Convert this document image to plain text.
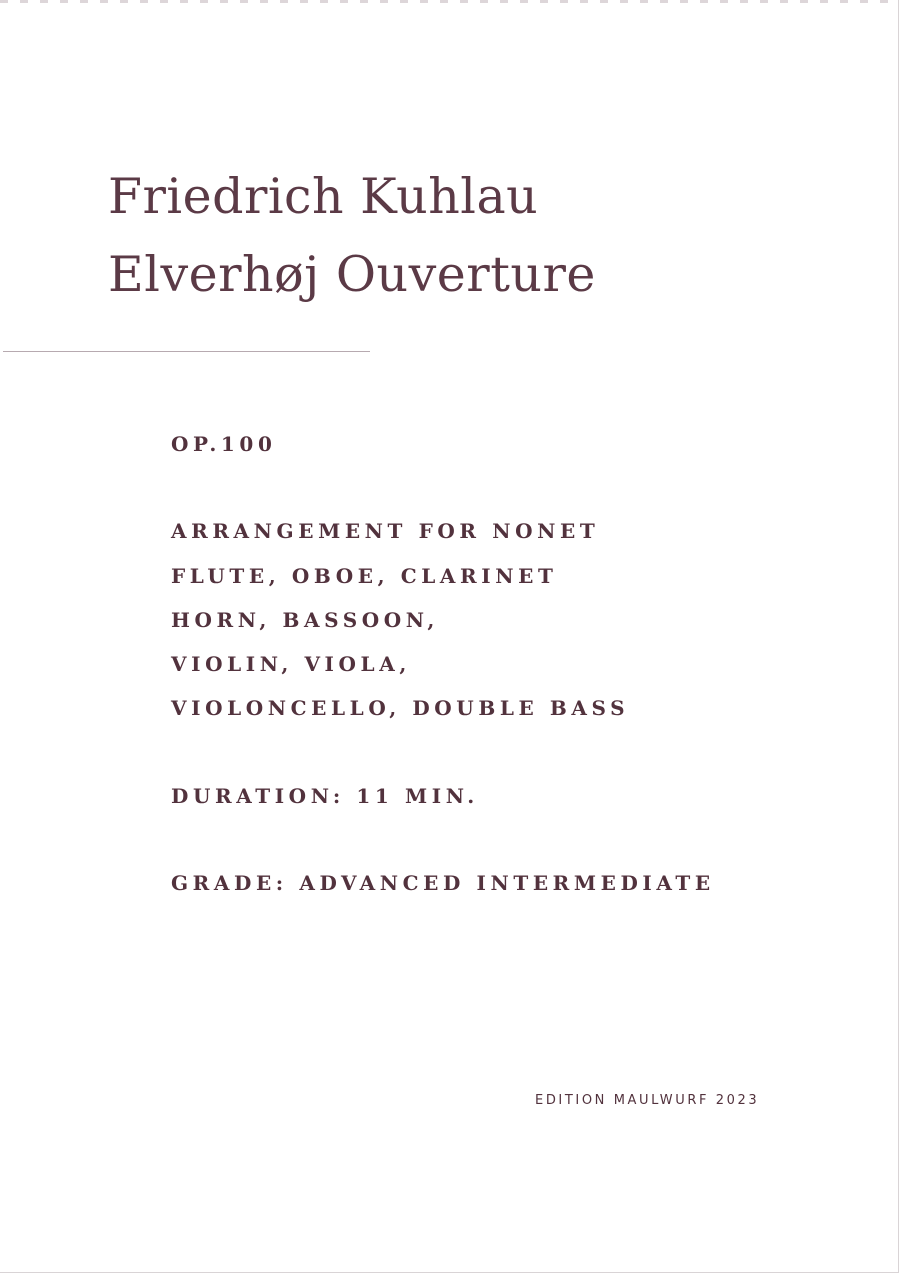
Friedrich Kuhlau
Elverhøj Ouverture
OP.100
ARRANGEMENT FOR NONET
FLUTE, OBOE, CLARINET
HORN, BASSOON,
VIOLIN, VIOLA,
VIOLONCELLO, DOUBLE BASS
DURATION: 11 MIN.
GRADE: ADVANCED INTERMEDIATE
EDITION MAULWURF 2023
